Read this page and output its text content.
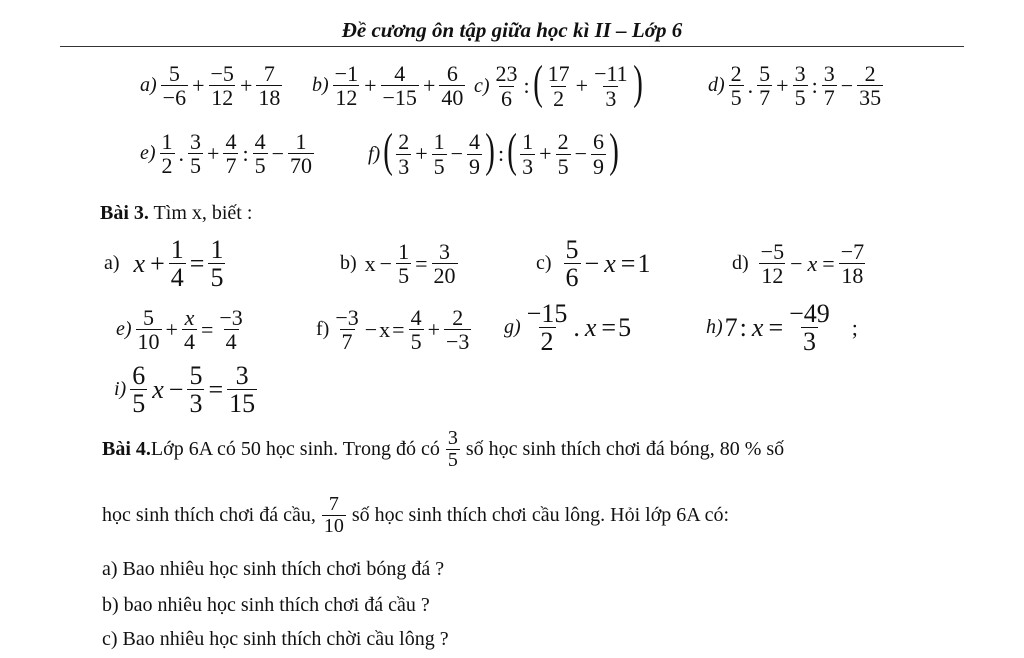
Đề cương ôn tập giữa học kì II – Lớp 6
$a) \frac{5}{-6} + \frac{-5}{12} + \frac{7}{18} b) \frac{-1}{12} + \frac{4}{-15} + \frac{6}{40} c) \frac{23}{6}$ : ( $\frac{17}{2} + \frac{-11}{3}$ )	$d) \frac{2}{5}$ . $\frac{5}{7} + \frac{3}{5}$ : $\frac{3}{7} - \frac{2}{35}$
$e) \frac{1}{2}$ . $\frac{3}{5} + \frac{4}{7}$ : $\frac{4}{5} - \frac{1}{70}$	f) ( $\frac{2}{3} + \frac{1}{5} - \frac{4}{9}$ ) : ( $\frac{1}{3} + \frac{2}{5} - \frac{6}{9}$ )
Bài 3. Tìm x, biết :
a) $x + \frac{1}{4} = \frac{1}{5}$	b) $x - \frac{1}{5} = \frac{3}{20}$	$c) \frac{5}{6} - x = 1$	$d) \frac{-5}{12} - x = \frac{-7}{18}$
$e) \frac{5}{10} + \frac{x}{4} = \frac{-3}{4}$	$f) \frac{-3}{7} - x = \frac{4}{5} + \frac{2}{-3} g) \frac{-15}{2}$ . x = 5	h) 7 : $x = \frac{-49}{3}$ ;
$i) \frac{6}{5}$ $x - \frac{5}{3} = \frac{3}{15}$
Bài 4. Lớp 6A có 50 học sinh. Trong đó có $\frac{3}{5}$ số học sinh thích chơi đá bóng, 80 % số
học sinh thích chơi đá cầu, $\frac{7}{10}$ số học sinh thích chơi cầu lông. Hỏi lớp 6A có:
a) Bao nhiêu học sinh thích chơi bóng đá ?
b) bao nhiêu học sinh thích chơi đá cầu ?
c) Bao nhiêu học sinh thích chời cầu lông ?
